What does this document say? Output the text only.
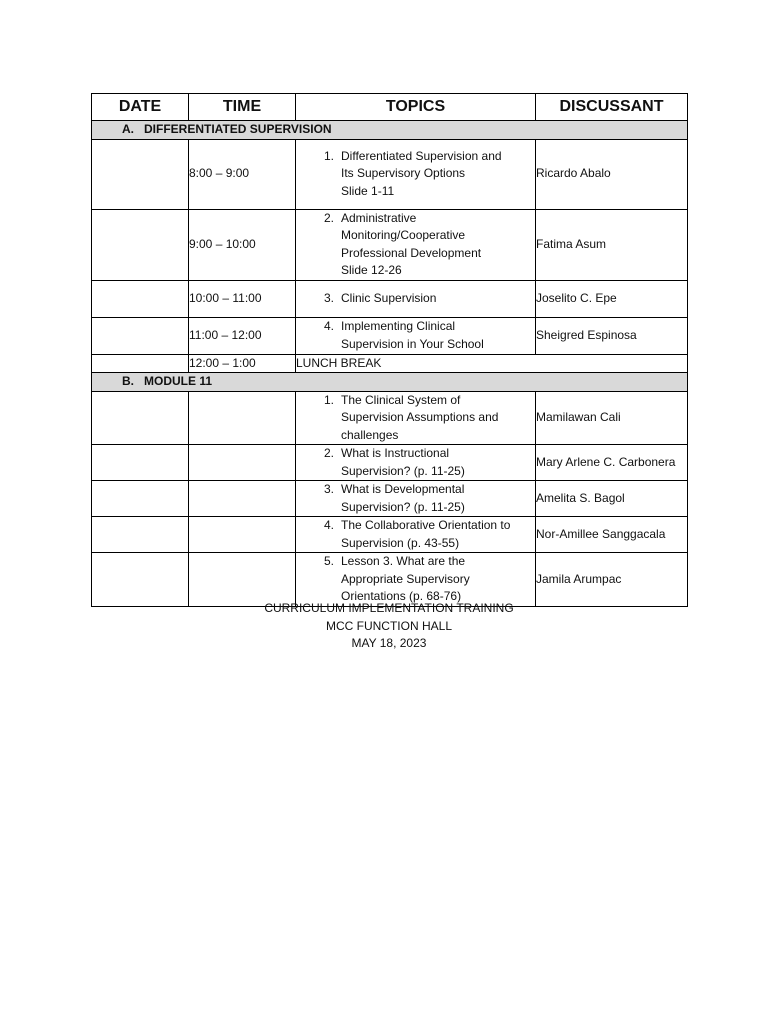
DATE	TIME	TOPICS	DISCUSSANT
A. DIFFERENTIATED SUPERVISION			
	8:00 – 9:00	1. Differentiated Supervision and
Its Supervisory Options
Slide 1-11	Ricardo Abalo
	9:00 – 10:00	2. Administrative
Monitoring/Cooperative
Professional Development
Slide 12-26	Fatima Asum
	10:00 – 11:00	3. Clinic Supervision	Joselito C. Epe
	11:00 – 12:00	4. Implementing Clinical
Supervision in Your School	Sheigred Espinosa
	12:00 – 1:00	LUNCH BREAK	
B. MODULE 11			

		1. The Clinical System of
Supervision Assumptions and
challenges	Mamilawan Cali

		2. What is Instructional
Supervision? (p. 11-25)	Mary Arlene C. Carbonera

		3. What is Developmental
Supervision? (p. 11-25)	Amelita S. Bagol

		4. The Collaborative Orientation to
Supervision (p. 43-55)	Nor-Amillee Sanggacala

		5. Lesson 3. What are the
Appropriate Supervisory
Orientations (p. 68-76)	Jamila Arumpac
CURRICULUM IMPLEMENTATION TRAINING
MCC FUNCTION HALL
MAY 18, 2023
